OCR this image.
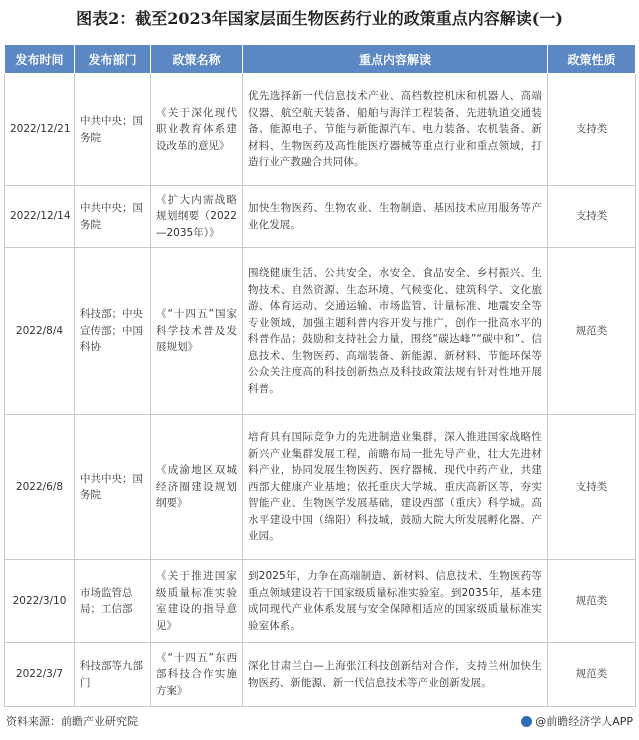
图表2：截至2023年国家层面生物医药行业的政策重点内容解读(一)
发布时间	发布部门	政策名称	重点内容解读	政策性质
2022/12/21	中共中央；国务院	《关于深化现代职业教育体系建设改革的意见》	优先选择新一代信息技术产业、高档数控机床和机器人、高端仪器、航空航天装备、船舶与海洋工程装备、先进轨道交通装备、能源电子、节能与新能源汽车、电力装备、农机装备、新材料、生物医药及高性能医疗器械等重点行业和重点领域，打造行业产教融合共同体。	支持类
2022/12/14	中共中央；国务院	《扩大内需战略规划纲要（2022—2035年）》	加快生物医药、生物农业、生物制造、基因技术应用服务等产业化发展。	支持类
2022/8/4	科技部；中央宣传部；中国科协	《“十四五”国家科学技术普及发展规划》	围绕健康生活、公共安全、水安全、食品安全、乡村振兴、生物技术、自然资源、生态环境、气候变化、建筑科学、文化旅游、体育运动、交通运输、市场监管、计量标准、地震安全等专业领域，加强主题科普内容开发与推广，创作一批高水平的科普作品；鼓励和支持社会力量，围绕“碳达峰”“碳中和”、信息技术、生物医药、高端装备、新能源、新材料、节能环保等公众关注度高的科技创新热点及科技政策法规有针对性地开展科普。	规范类
2022/6/8	中共中央；国务院	《成渝地区双城经济圈建设规划纲要》	培育具有国际竞争力的先进制造业集群，深入推进国家战略性新兴产业集群发展工程，前瞻布局一批先导产业，壮大先进材料产业，协同发展生物医药、医疗器械、现代中药产业，共建西部大健康产业基地；依托重庆大学城、重庆高新区等，夯实智能产业、生物医学发展基础，建设西部（重庆）科学城。高水平建设中国（绵阳）科技城，鼓励大院大所发展孵化器、产业园。	支持类
2022/3/10	市场监管总局；工信部	《关于推进国家级质量标准实验室建设的指导意见》	到2025年，力争在高端制造、新材料、信息技术、生物医药等重点领域建设若干国家级质量标准实验室。到2035年，基本建成同现代产业体系发展与安全保障相适应的国家级质量标准实验室体系。	规范类
2022/3/7	科技部等九部门	《“十四五”东西部科技合作实施方案》	深化甘肃兰白—上海张江科技创新结对合作，支持兰州加快生物医药、新能源、新一代信息技术等产业创新发展。	规范类
资料来源：前瞻产业研究院	@前瞻经济学人APP
